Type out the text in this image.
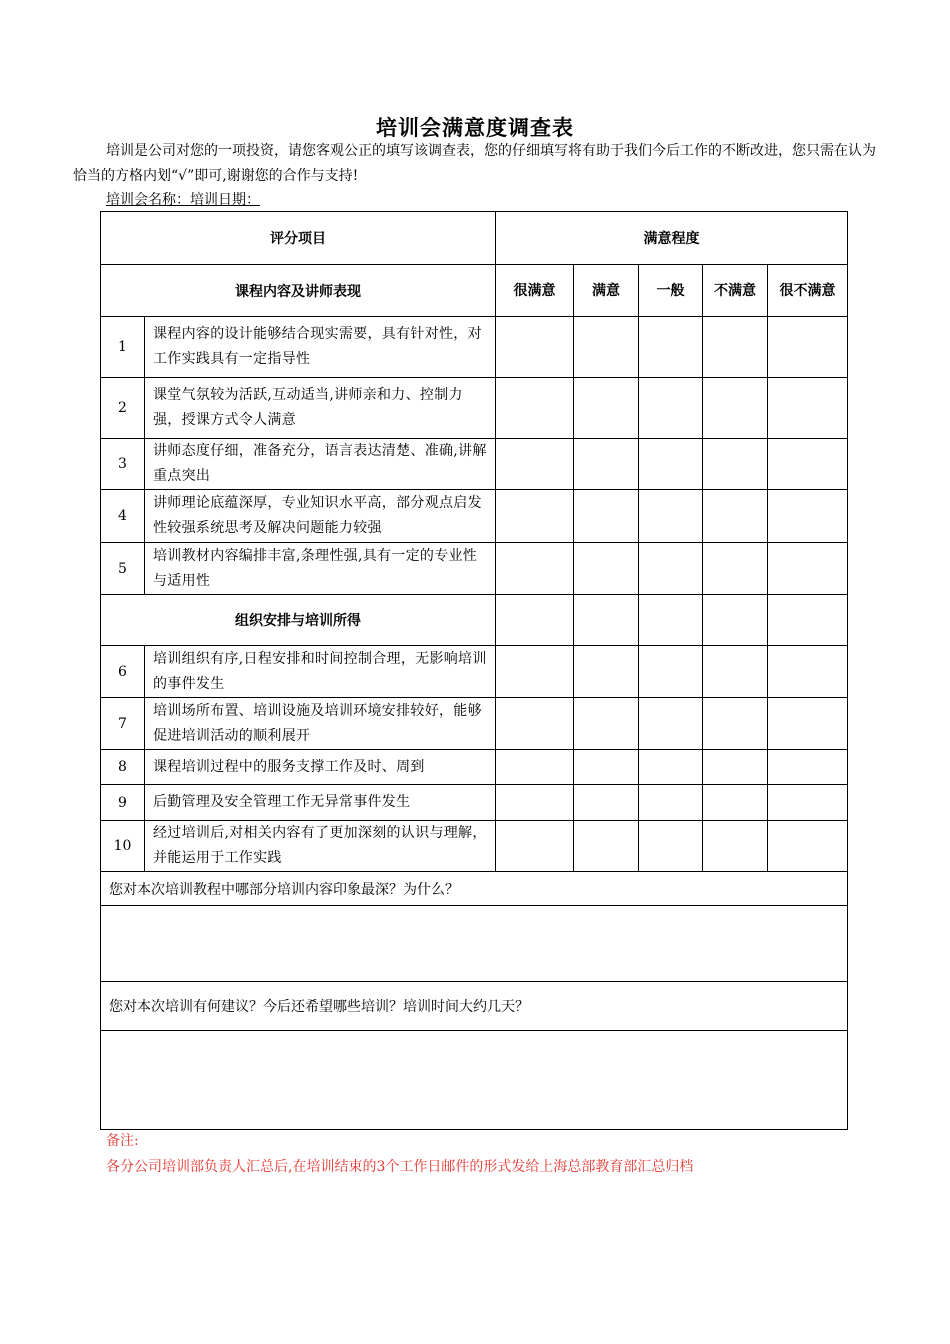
培训会满意度调查表
培训是公司对您的一项投资，请您客观公正的填写该调查表，您的仔细填写将有助于我们今后工作的不断改进，您只需在认为恰当的方格内划“√”即可,谢谢您的合作与支持!
培训会名称：培训日期：
评分项目		满意程度				
课程内容及讲师表现		很满意	满意	一般	不满意	很不满意
1	课程内容的设计能够结合现实需要，具有针对性，对工作实践具有一定指导性					
2	课堂气氛较为活跃,互动适当,讲师亲和力、控制力强，授课方式令人满意					
3	讲师态度仔细，准备充分，语言表达清楚、准确,讲解重点突出					
4	讲师理论底蕴深厚，专业知识水平高，部分观点启发性较强系统思考及解决问题能力较强					
5	培训教材内容编排丰富,条理性强,具有一定的专业性与适用性					
组织安排与培训所得						
6	培训组织有序,日程安排和时间控制合理，无影响培训的事件发生					
7	培训场所布置、培训设施及培训环境安排较好，能够促进培训活动的顺利展开					
8	课程培训过程中的服务支撑工作及时、周到					
9	后勤管理及安全管理工作无异常事件发生					
10	经过培训后,对相关内容有了更加深刻的认识与理解，并能运用于工作实践					
您对本次培训教程中哪部分培训内容印象最深？为什么？						

您对本次培训有何建议？今后还希望哪些培训？培训时间大约几天？						

备注:
各分公司培训部负责人汇总后,在培训结束的3个工作日邮件的形式发给上海总部教育部汇总归档
